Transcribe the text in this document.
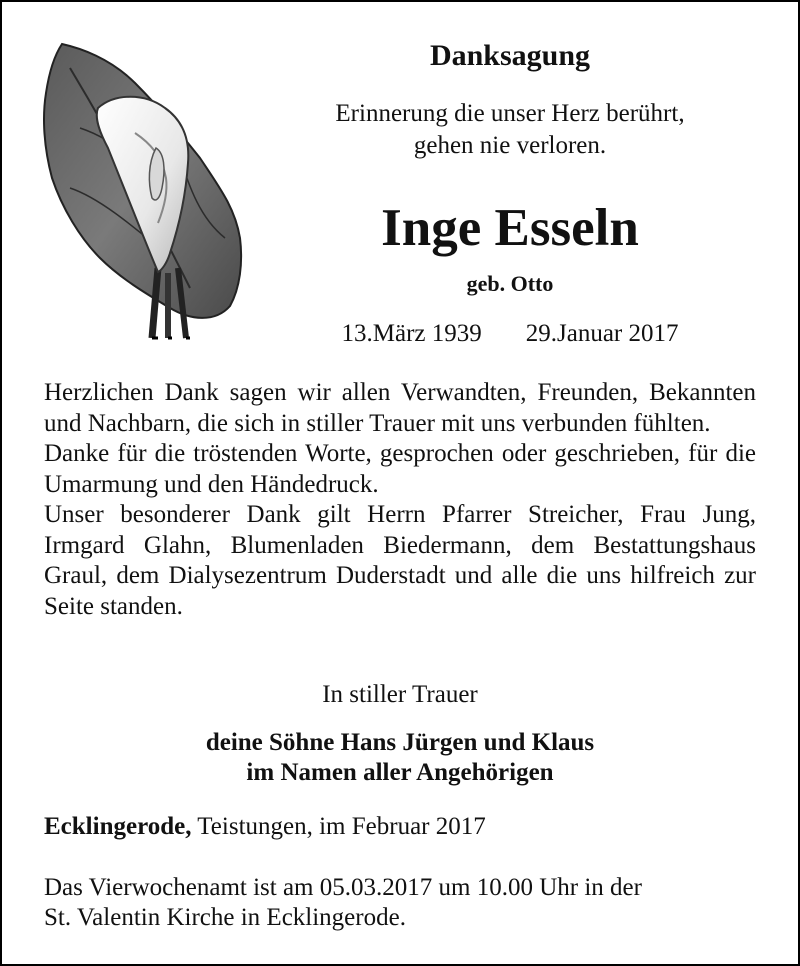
Danksagung
Erinnerung die unser Herz berührt,
gehen nie verloren.
Inge Esseln
geb. Otto
13.März 1939 29.Januar 2017

Herzlichen Dank sagen wir allen Verwandten, Freunden, Bekannten und Nachbarn, die sich in stiller Trauer mit uns verbunden fühlten.

Danke für die tröstenden Worte, gesprochen oder geschrieben, für die Umarmung und den Händedruck.

Unser besonderer Dank gilt Herrn Pfarrer Streicher, Frau Jung, Irmgard Glahn, Blumenladen Biedermann, dem Bestattungshaus Graul, dem Dialysezentrum Duderstadt und alle die uns hilfreich zur Seite standen.

In stiller Trauer
deine Söhne Hans Jürgen und Klaus
im Namen aller Angehörigen
Ecklingerode, Teistungen, im Februar 2017
Das Vierwochenamt ist am 05.03.2017 um 10.00 Uhr in der
St. Valentin Kirche in Ecklingerode.
